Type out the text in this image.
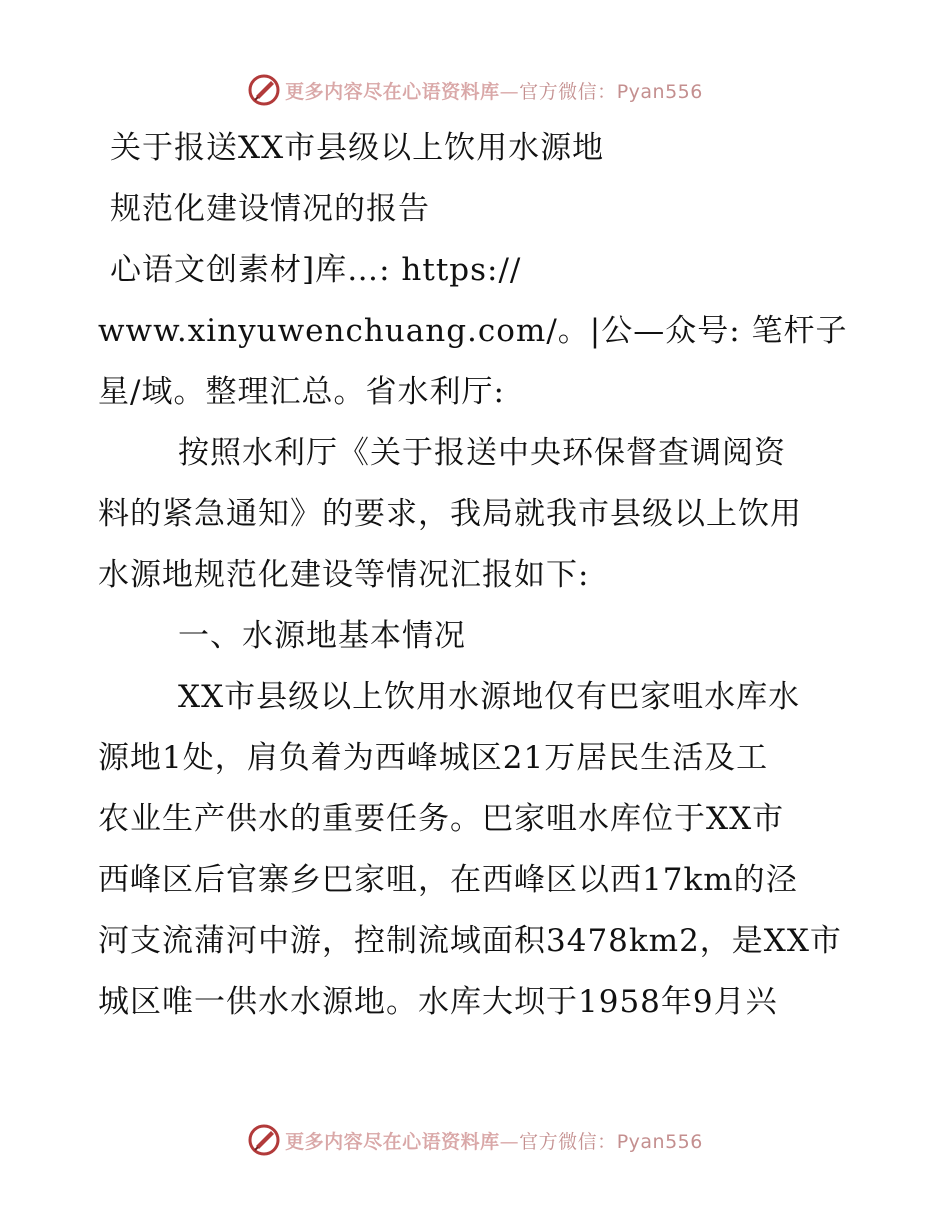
更多内容尽在心语资料库—官方微信：Pyan556
关于报送XX市县级以上饮用水源地
规范化建设情况的报告
心语文创素材]库…: https://
www.xinyuwenchuang.com/。|公—众号: 笔杆子
星/域。整理汇总。省水利厅:
按照水利厅《关于报送中央环保督查调阅资
料的紧急通知》的要求，我局就我市县级以上饮用
水源地规范化建设等情况汇报如下:
一、水源地基本情况
XX市县级以上饮用水源地仅有巴家咀水库水
源地1处，肩负着为西峰城区21万居民生活及工
农业生产供水的重要任务。巴家咀水库位于XX市
西峰区后官寨乡巴家咀，在西峰区以西17km的泾
河支流蒲河中游，控制流域面积3478km2，是XX市
城区唯一供水水源地。水库大坝于1958年9月兴
更多内容尽在心语资料库—官方微信：Pyan556
